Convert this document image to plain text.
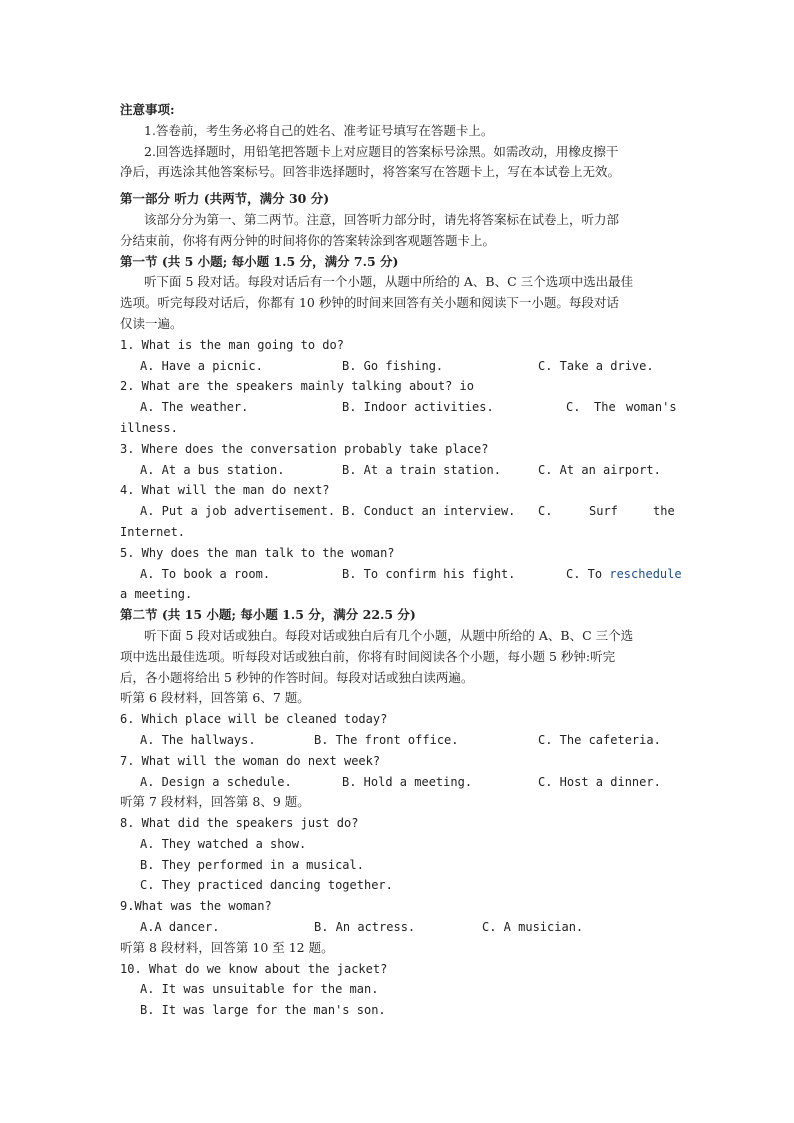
注意事项:
1.答卷前，考生务必将自己的姓名、准考证号填写在答题卡上。
2.回答选择题时，用铅笔把答题卡上对应题目的答案标号涂黑。如需改动，用橡皮擦干
净后，再选涂其他答案标号。回答非选择题时，将答案写在答题卡上，写在本试卷上无效。
第一部分 听力 (共两节，满分 30 分)
该部分分为第一、第二两节。注意，回答听力部分时，请先将答案标在试卷上，听力部
分结束前，你将有两分钟的时间将你的答案转涂到客观题答题卡上。
第一节 (共 5 小题; 每小题 1.5 分，满分 7.5 分)
听下面 5 段对话。每段对话后有一个小题，从题中所给的 A、B、C 三个选项中选出最佳
选项。听完每段对话后，你都有 10 秒钟的时间来回答有关小题和阅读下一小题。每段对话
仅读一遍。
1. What is the man going to do?
A. Have a picnic.	B. Go fishing.	C. Take a drive.
2. What are the speakers mainly talking about? io
A. The weather.	B. Indoor activities.	C. The woman's
illness.
3. Where does the conversation probably take place?
A. At a bus station.	B. At a train station.	C. At an airport.
4. What will the man do next?
A. Put a job advertisement. B. Conduct an interview. C.	Surf	the
Internet.
5. Why does the man talk to the woman?
A. To book a room.	B. To confirm his fight.	C. To reschedule
a meeting.
第二节 (共 15 小题; 每小题 1.5 分，满分 22.5 分)
听下面 5 段对话或独白。每段对话或独白后有几个小题，从题中所给的 A、B、C 三个选
项中选出最佳选项。听每段对话或独白前，你将有时间阅读各个小题，每小题 5 秒钟:听完
后，各小题将给出 5 秒钟的作答时间。每段对话或独白读两遍。
听第 6 段材料，回答第 6、7 题。
6. Which place will be cleaned today?
A. The hallways.	B. The front office.	C. The cafeteria.
7. What will the woman do next week?
A. Design a schedule.	B. Hold a meeting.	C. Host a dinner.
听第 7 段材料，回答第 8、9 题。
8. What did the speakers just do?
A. They watched a show.
B. They performed in a musical.
C. They practiced dancing together.
9.What was the woman?
A.A dancer.	B. An actress.	C. A musician.
听第 8 段材料，回答第 10 至 12 题。
10. What do we know about the jacket?
A. It was unsuitable for the man.
B. It was large for the man's son.
